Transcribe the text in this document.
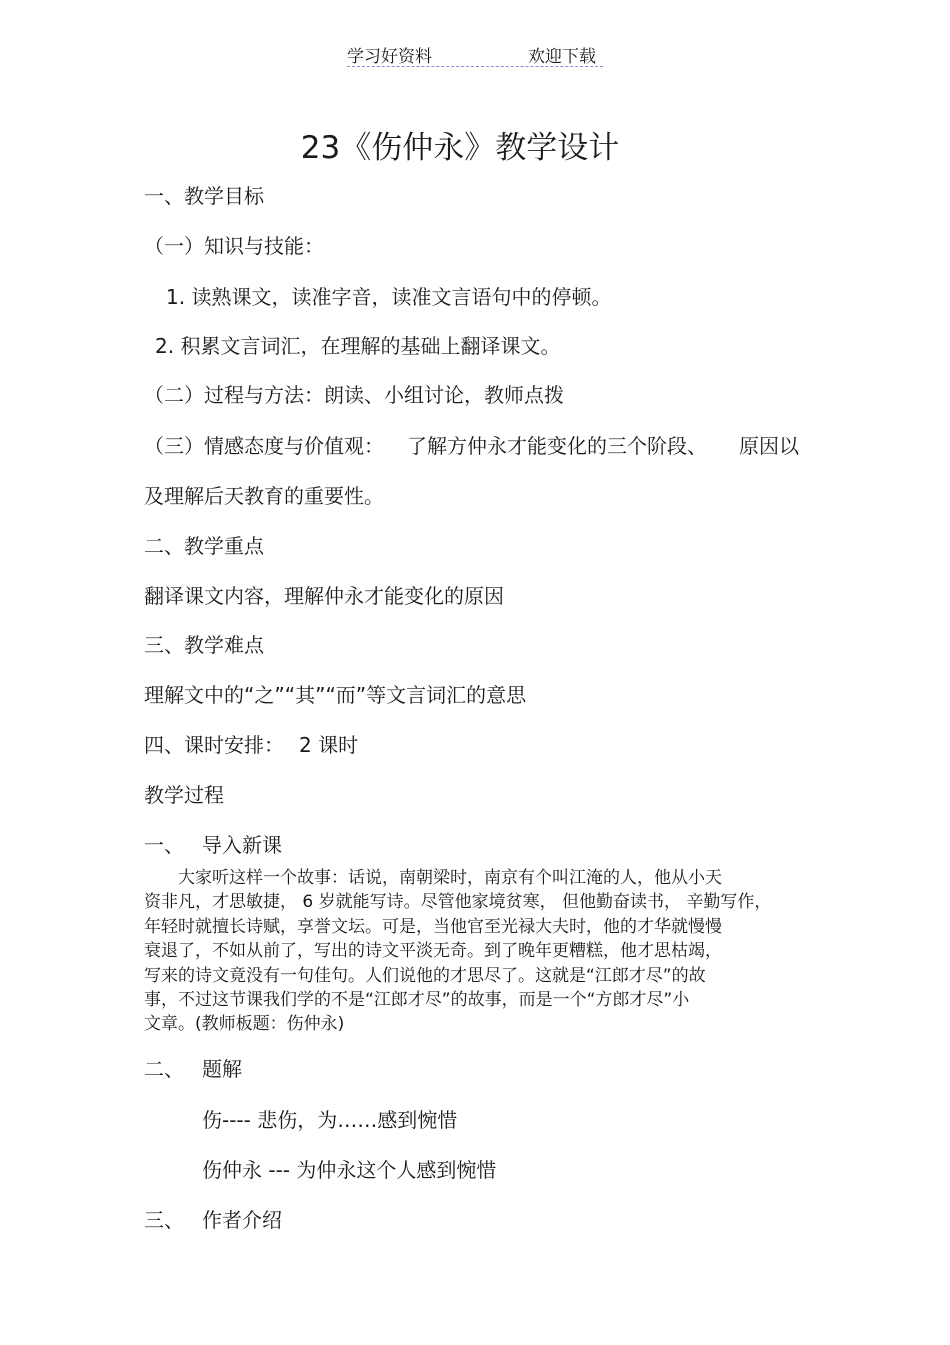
学习好资料	欢迎下载
23《伤仲永》教学设计
一、教学目标
（一）知识与技能：
1. 读熟课文，读准字音，读准文言语句中的停顿。
2. 积累文言词汇，在理解的基础上翻译课文。
（二）过程与方法：朗读、小组讨论，教师点拨
（三）情感态度与价值观： 了解方仲永才能变化的三个阶段、 原因以
及理解后天教育的重要性。
二、教学重点
翻译课文内容，理解仲永才能变化的原因
三、教学难点
理解文中的“之”“其”“而”等文言词汇的意思
四、课时安排： 2 课时
教学过程
一、 导入新课
　　大家听这样一个故事：话说，南朝梁时，南京有个叫江淹的人，他从小天
资非凡，才思敏捷， 6 岁就能写诗。尽管他家境贫寒， 但他勤奋读书， 辛勤写作，
年轻时就擅长诗赋，享誉文坛。可是，当他官至光禄大夫时，他的才华就慢慢
衰退了，不如从前了，写出的诗文平淡无奇。到了晚年更糟糕，他才思枯竭，
写来的诗文竟没有一句佳句。人们说他的才思尽了。这就是“江郎才尽”的故
事，不过这节课我们学的不是“江郎才尽”的故事，而是一个“方郎才尽”小
文章。(教师板题：伤仲永)
二、 题解
伤---- 悲伤，为……感到惋惜
伤仲永 --- 为仲永这个人感到惋惜
三、 作者介绍
